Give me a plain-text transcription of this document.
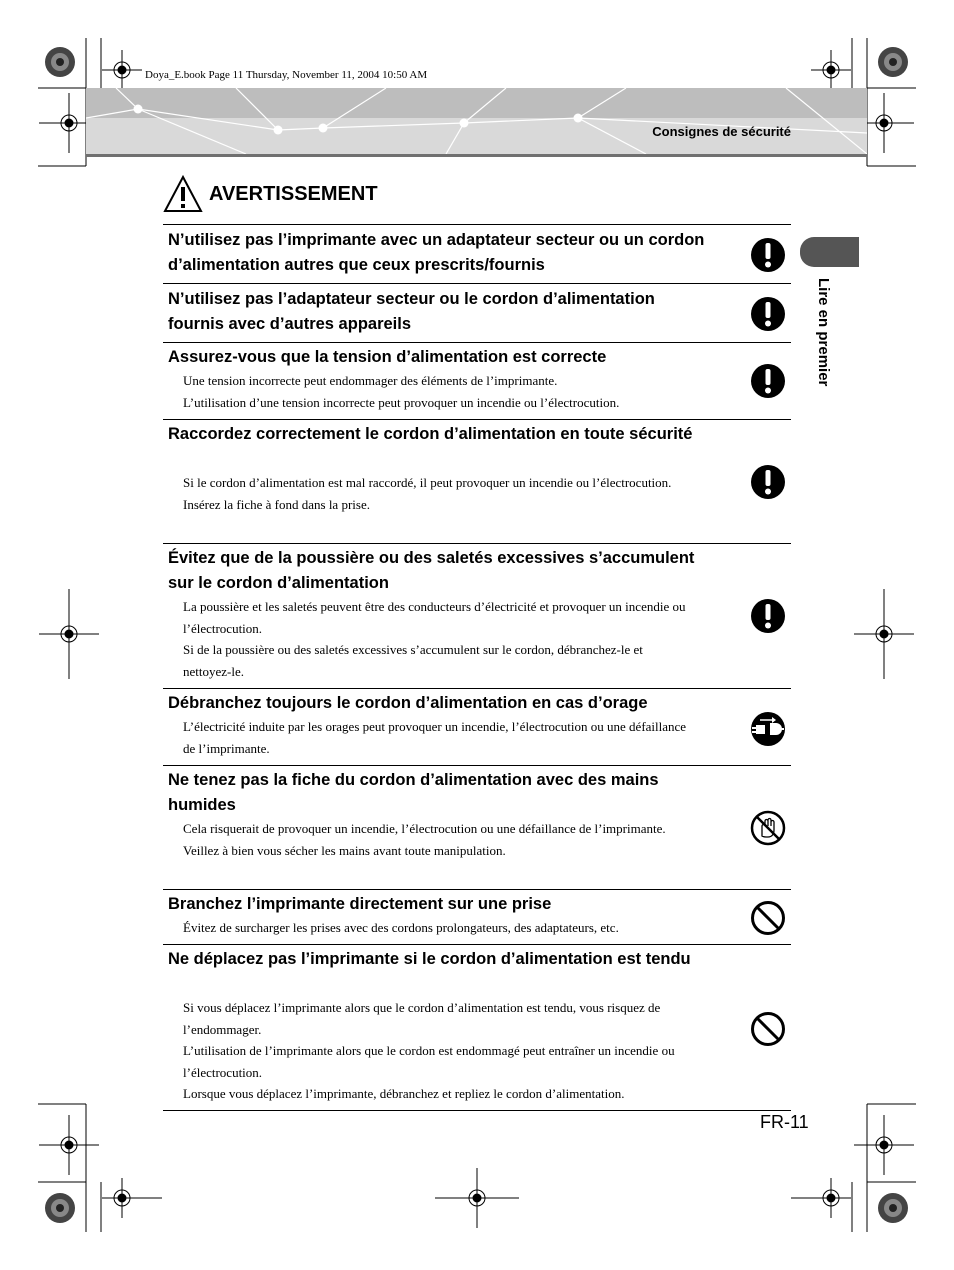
Doya_E.book Page 11 Thursday, November 11, 2004 10:50 AM
Consignes de sécurité
AVERTISSEMENT
Lire en premier
N’utilisez pas l’imprimante avec un adaptateur secteur ou un cordon d’alimentation autres que ceux prescrits/fournis
N’utilisez pas l’adaptateur secteur ou le cordon d’alimentation fournis avec d’autres appareils
Assurez-vous que la tension d’alimentation est correcte

Une tension incorrecte peut endommager des éléments de l’imprimante.

L’utilisation d’une tension incorrecte peut provoquer un incendie ou l’électrocution.

Raccordez correctement le cordon d’alimentation en toute sécurité

Si le cordon d’alimentation est mal raccordé, il peut provoquer un incendie ou l’électrocution.

Insérez la fiche à fond dans la prise.

Évitez que de la poussière ou des saletés excessives s’accumulent sur le cordon d’alimentation

La poussière et les saletés peuvent être des conducteurs d’électricité et provoquer un incendie ou l’électrocution.

Si de la poussière ou des saletés excessives s’accumulent sur le cordon, débranchez-le et nettoyez-le.

Débranchez toujours le cordon d’alimentation en cas d’orage

L’électricité induite par les orages peut provoquer un incendie, l’électrocution ou une défaillance de l’imprimante.

Ne tenez pas la fiche du cordon d’alimentation avec des mains humides

Cela risquerait de provoquer un incendie, l’électrocution ou une défaillance de l’imprimante.

Veillez à bien vous sécher les mains avant toute manipulation.

Branchez l’imprimante directement sur une prise

Évitez de surcharger les prises avec des cordons prolongateurs, des adaptateurs, etc.

Ne déplacez pas l’imprimante si le cordon d’alimentation est tendu

Si vous déplacez l’imprimante alors que le cordon d’alimentation est tendu, vous risquez de l’endommager.

L’utilisation de l’imprimante alors que le cordon est endommagé peut entraîner un incendie ou l’électrocution.

Lorsque vous déplacez l’imprimante, débranchez et repliez le cordon d’alimentation.

FR-11
